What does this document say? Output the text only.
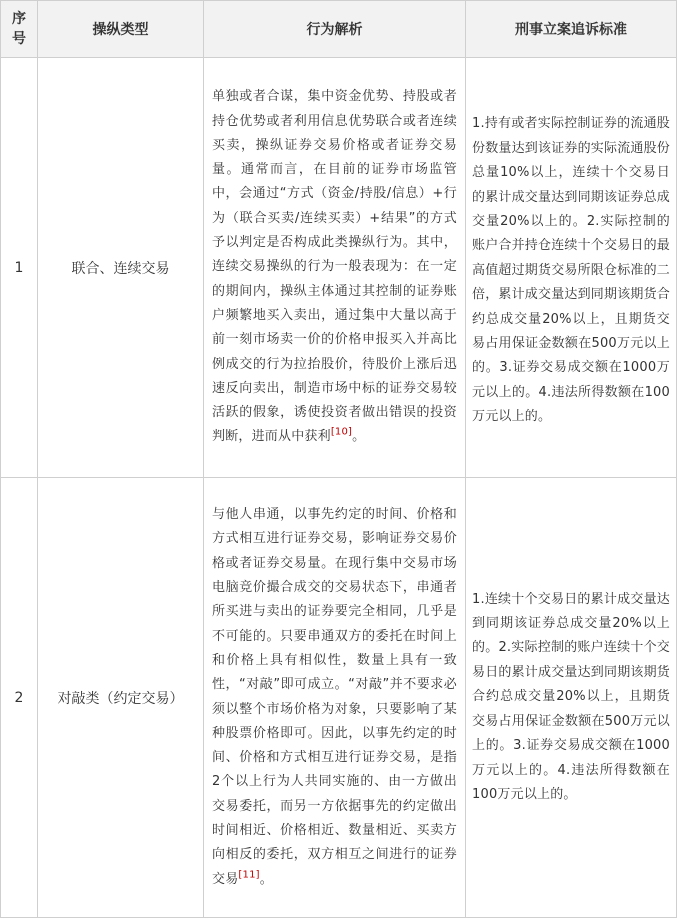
序号	操纵类型	行为解析	刑事立案追诉标准
1	联合、连续交易	单独或者合谋，集中资金优势、持股或者持仓优势或者利用信息优势联合或者连续买卖，操纵证券交易价格或者证券交易量。通常而言，在目前的证券市场监管中，会通过“方式（资金/持股/信息）+行为（联合买卖/连续买卖）+结果”的方式予以判定是否构成此类操纵行为。其中，连续交易操纵的行为一般表现为：在一定的期间内，操纵主体通过其控制的证券账户频繁地买入卖出，通过集中大量以高于前一刻市场卖一价的价格申报买入并高比例成交的行为拉抬股价，待股价上涨后迅速反向卖出，制造市场中标的证券交易较活跃的假象，诱使投资者做出错误的投资判断，进而从中获利[10]。	1.持有或者实际控制证券的流通股份数量达到该证券的实际流通股份总量10%以上，连续十个交易日的累计成交量达到同期该证券总成交量20%以上的。2.实际控制的账户合并持仓连续十个交易日的最高值超过期货交易所限仓标准的二倍，累计成交量达到同期该期货合约总成交量20%以上，且期货交易占用保证金数额在500万元以上的。3.证券交易成交额在1000万元以上的。4.违法所得数额在100万元以上的。

2	对敲类（约定交易）	与他人串通，以事先约定的时间、价格和方式相互进行证券交易，影响证券交易价格或者证券交易量。在现行集中交易市场电脑竞价撮合成交的交易状态下，串通者所买进与卖出的证券要完全相同，几乎是不可能的。只要串通双方的委托在时间上和价格上具有相似性，数量上具有一致性，“对敲”即可成立。“对敲”并不要求必须以整个市场价格为对象，只要影响了某种股票价格即可。因此，以事先约定的时间、价格和方式相互进行证券交易，是指2个以上行为人共同实施的、由一方做出交易委托，而另一方依据事先的约定做出时间相近、价格相近、数量相近、买卖方向相反的委托，双方相互之间进行的证券交易[11]。	1.连续十个交易日的累计成交量达到同期该证券总成交量20%以上的。2.实际控制的账户连续十个交易日的累计成交量达到同期该期货合约总成交量20%以上，且期货交易占用保证金数额在500万元以上的。3.证券交易成交额在1000万元以上的。4.违法所得数额在100万元以上的。
